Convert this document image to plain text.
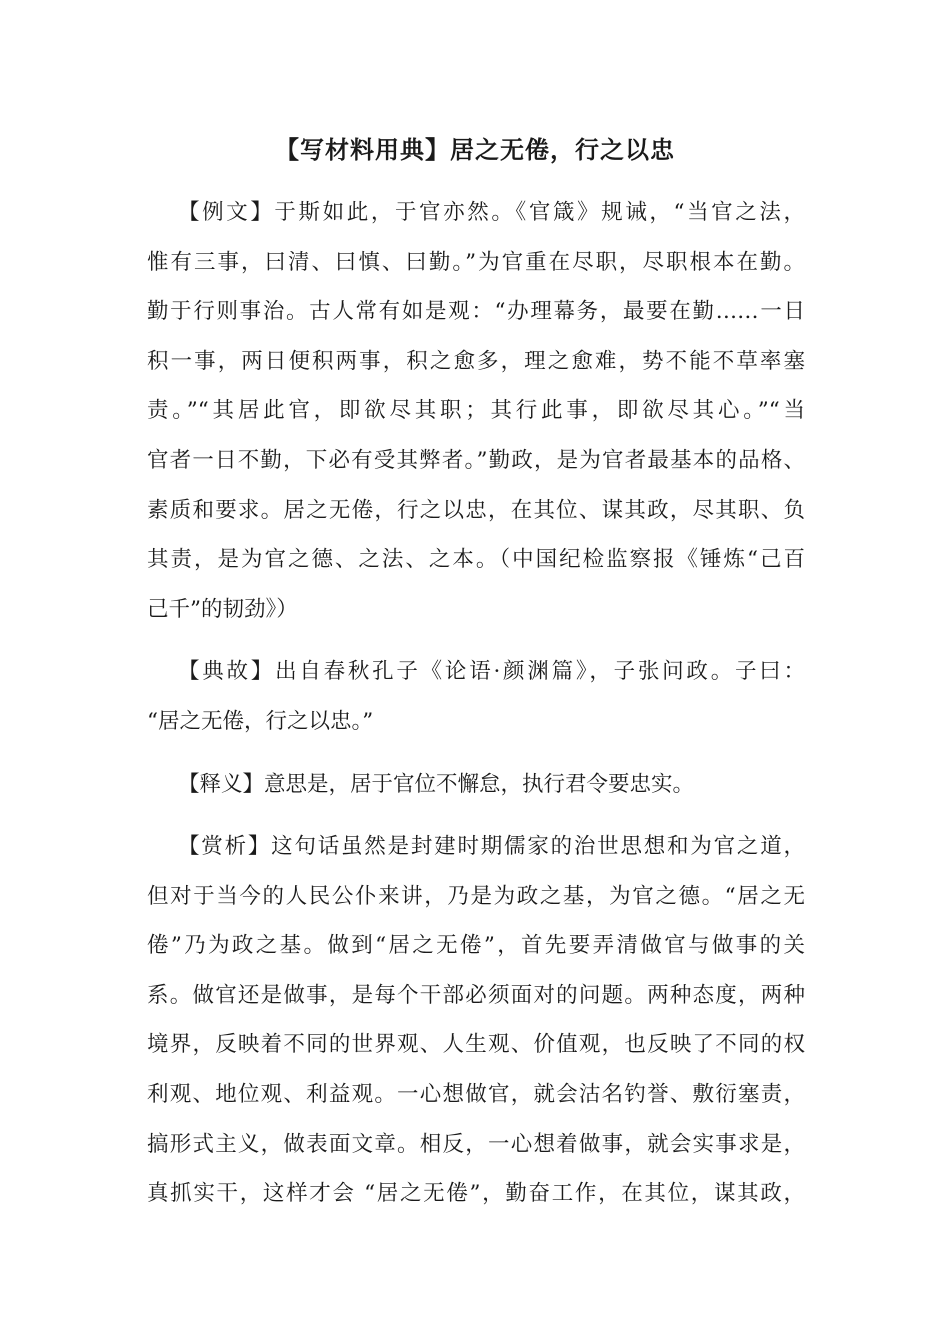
【写材料用典】居之无倦，行之以忠
【例文】于斯如此，于官亦然。《官箴》规诫，“当官之法，
惟有三事，曰清、曰慎、曰勤。”为官重在尽职，尽职根本在勤。
勤于行则事治。古人常有如是观：“办理幕务，最要在勤……一日
积一事，两日便积两事，积之愈多，理之愈难，势不能不草率塞
责。”“其居此官，即欲尽其职；其行此事，即欲尽其心。”“当
官者一日不勤，下必有受其弊者。”勤政，是为官者最基本的品格、
素质和要求。居之无倦，行之以忠，在其位、谋其政，尽其职、负
其责，是为官之德、之法、之本。（中国纪检监察报《锤炼“己百
己千”的韧劲》）
【典故】出自春秋孔子《论语·颜渊篇》，子张问政。子曰：
“居之无倦，行之以忠。”
【释义】意思是，居于官位不懈怠，执行君令要忠实。
【赏析】这句话虽然是封建时期儒家的治世思想和为官之道，
但对于当今的人民公仆来讲，乃是为政之基，为官之德。“居之无
倦”乃为政之基。做到“居之无倦”，首先要弄清做官与做事的关
系。做官还是做事，是每个干部必须面对的问题。两种态度，两种
境界，反映着不同的世界观、人生观、价值观，也反映了不同的权
利观、地位观、利益观。一心想做官，就会沽名钓誉、敷衍塞责，
搞形式主义，做表面文章。相反，一心想着做事，就会实事求是，
真抓实干，这样才会 “居之无倦”，勤奋工作，在其位，谋其政，
